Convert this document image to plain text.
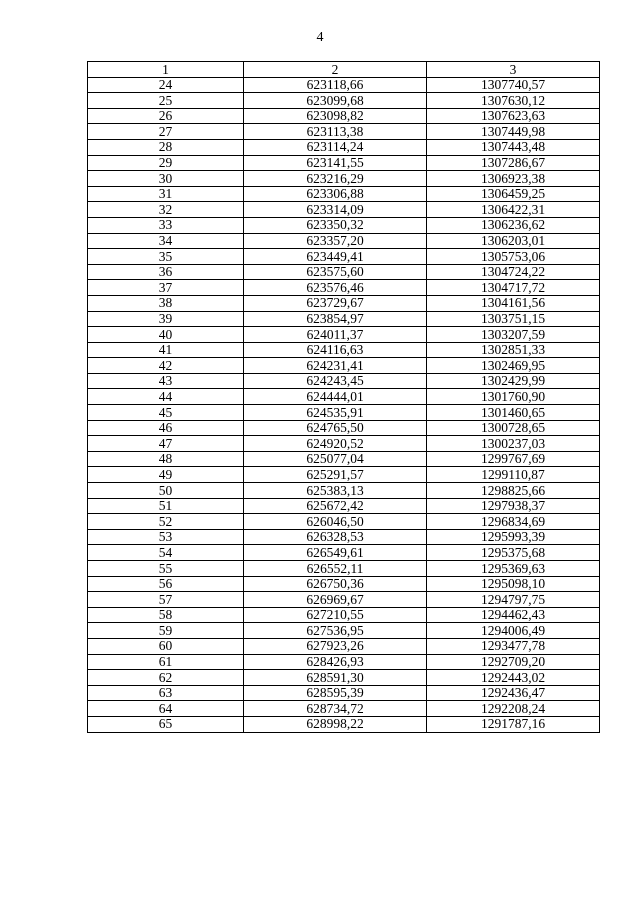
4
1	2	3
24	623118,66	1307740,57
25	623099,68	1307630,12
26	623098,82	1307623,63
27	623113,38	1307449,98
28	623114,24	1307443,48
29	623141,55	1307286,67
30	623216,29	1306923,38
31	623306,88	1306459,25
32	623314,09	1306422,31
33	623350,32	1306236,62
34	623357,20	1306203,01
35	623449,41	1305753,06
36	623575,60	1304724,22
37	623576,46	1304717,72
38	623729,67	1304161,56
39	623854,97	1303751,15
40	624011,37	1303207,59
41	624116,63	1302851,33
42	624231,41	1302469,95
43	624243,45	1302429,99
44	624444,01	1301760,90
45	624535,91	1301460,65
46	624765,50	1300728,65
47	624920,52	1300237,03
48	625077,04	1299767,69
49	625291,57	1299110,87
50	625383,13	1298825,66
51	625672,42	1297938,37
52	626046,50	1296834,69
53	626328,53	1295993,39
54	626549,61	1295375,68
55	626552,11	1295369,63
56	626750,36	1295098,10
57	626969,67	1294797,75
58	627210,55	1294462,43
59	627536,95	1294006,49
60	627923,26	1293477,78
61	628426,93	1292709,20
62	628591,30	1292443,02
63	628595,39	1292436,47
64	628734,72	1292208,24
65	628998,22	1291787,16
